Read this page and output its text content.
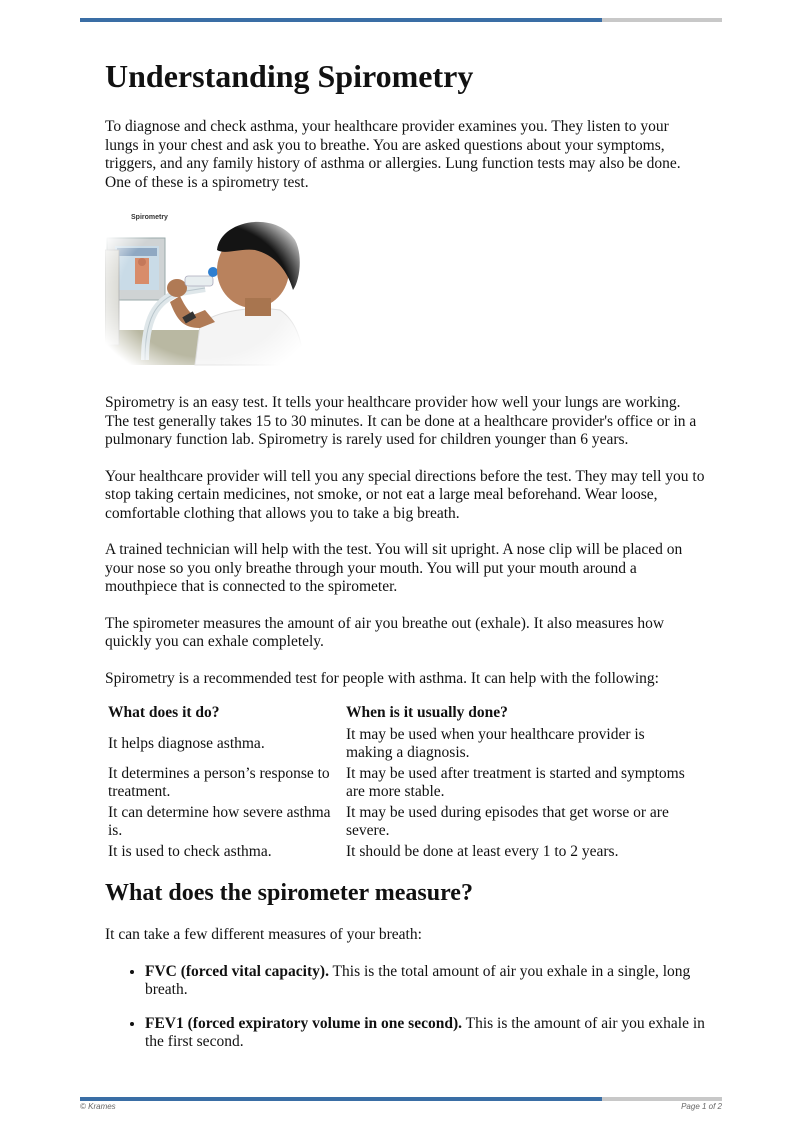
Understanding Spirometry

To diagnose and check asthma, your healthcare provider examines you. They listen to your lungs in your chest and ask you to breathe. You are asked questions about your symptoms, triggers, and any family history of asthma or allergies. Lung function tests may also be done. One of these is a spirometry test.

Spirometry

Spirometry is an easy test. It tells your healthcare provider how well your lungs are working. The test generally takes 15 to 30 minutes. It can be done at a healthcare provider's office or in a pulmonary function lab. Spirometry is rarely used for children younger than 6 years.

Your healthcare provider will tell you any special directions before the test. They may tell you to stop taking certain medicines, not smoke, or not eat a large meal beforehand. Wear loose, comfortable clothing that allows you to take a big breath.

A trained technician will help with the test. You will sit upright. A nose clip will be placed on your nose so you only breathe through your mouth. You will put your mouth around a mouthpiece that is connected to the spirometer.

The spirometer measures the amount of air you breathe out (exhale). It also measures how quickly you can exhale completely.

Spirometry is a recommended test for people with asthma. It can help with the following:

What does it do?	When is it usually done?
It helps diagnose asthma.	It may be used when your healthcare provider is making a diagnosis.
It determines a person’s response to treatment.	It may be used after treatment is started and symptoms are more stable.
It can determine how severe asthma is.	It may be used during episodes that get worse or are severe.
It is used to check asthma.	It should be done at least every 1 to 2 years.
What does the spirometer measure?

It can take a few different measures of your breath:

• FVC (forced vital capacity). This is the total amount of air you exhale in a single, long breath.
• FEV1 (forced expiratory volume in one second). This is the amount of air you exhale in the first second.
© Krames	Page 1 of 2
